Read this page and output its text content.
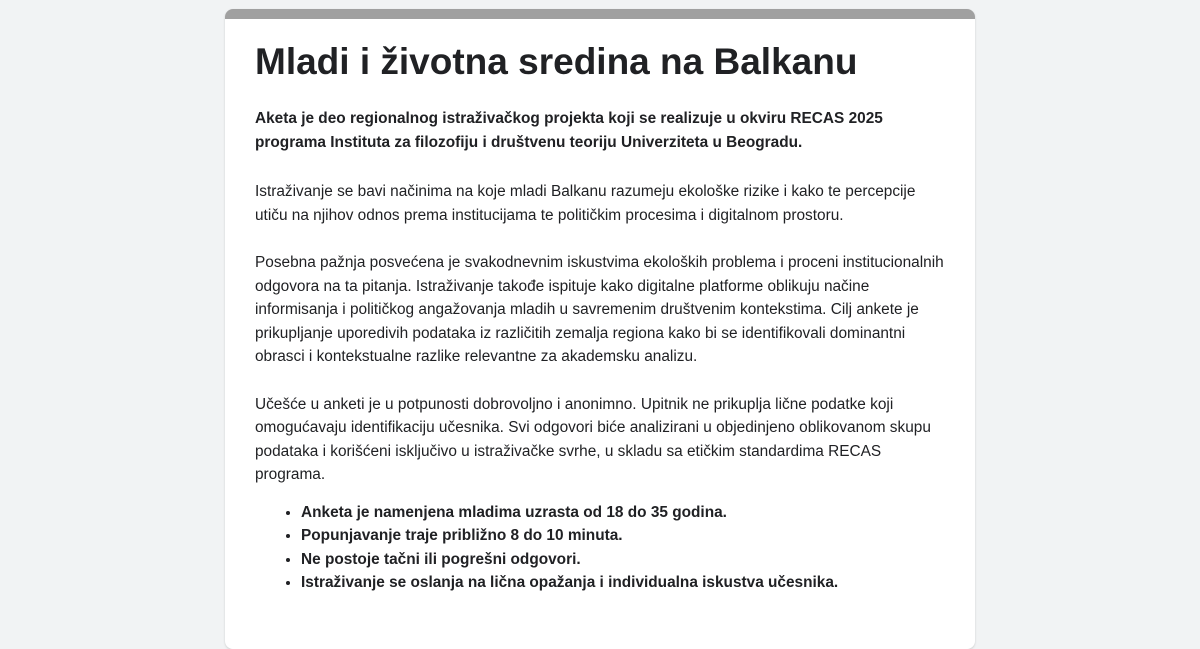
Mladi i životna sredina na Balkanu

Aketa je deo regionalnog istraživačkog projekta koji se realizuje u okviru RECAS 2025 programa Instituta za filozofiju i društvenu teoriju Univerziteta u Beogradu.

Istraživanje se bavi načinima na koje mladi Balkanu razumeju ekološke rizike i kako te percepcije utiču na njihov odnos prema institucijama te političkim procesima i digitalnom prostoru.

Posebna pažnja posvećena je svakodnevnim iskustvima ekoloških problema i proceni institucionalnih odgovora na ta pitanja. Istraživanje takođe ispituje kako digitalne platforme oblikuju načine informisanja i političkog angažovanja mladih u savremenim društvenim kontekstima. Cilj ankete je prikupljanje uporedivih podataka iz različitih zemalja regiona kako bi se identifikovali dominantni obrasci i kontekstualne razlike relevantne za akademsku analizu.

Učešće u anketi je u potpunosti dobrovoljno i anonimno. Upitnik ne prikuplja lične podatke koji omogućavaju identifikaciju učesnika. Svi odgovori biće analizirani u objedinjeno oblikovanom skupu podataka i korišćeni isključivo u istraživačke svrhe, u skladu sa etičkim standardima RECAS programa.

• Anketa je namenjena mladima uzrasta od 18 do 35 godina.
• Popunjavanje traje približno 8 do 10 minuta.
• Ne postoje tačni ili pogrešni odgovori.
• Istraživanje se oslanja na lična opažanja i individualna iskustva učesnika.
